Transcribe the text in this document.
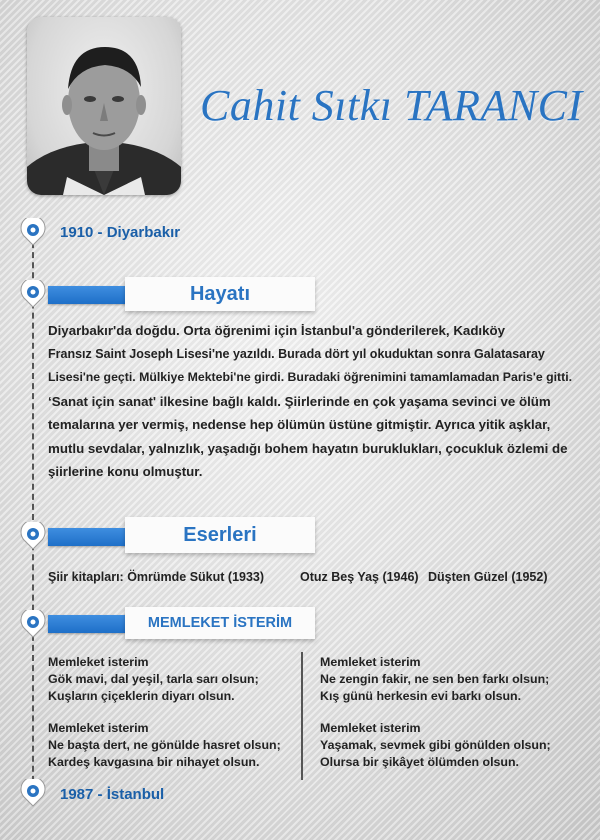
Cahit Sıtkı TARANCI
1910 - Diyarbakır
1987 - İstanbul
Hayatı
Diyarbakır'da doğdu. Orta öğrenimi için İstanbul'a gönderilerek, Kadıköy
Fransız Saint Joseph Lisesi'ne yazıldı. Burada dört yıl okuduktan sonra Galatasaray
Lisesi'ne geçti. Mülkiye Mektebi'ne girdi. Buradaki öğrenimini tamamlamadan Paris'e gitti.
‘Sanat için sanat' ilkesine bağlı kaldı. Şiirlerinde en çok yaşama sevinci ve ölüm
temalarına yer vermiş, nedense hep ölümün üstüne gitmiştir. Ayrıca yitik aşklar,
mutlu sevdalar, yalnızlık, yaşadığı bohem hayatın buruklukları, çocukluk özlemi de
şiirlerine konu olmuştur.
Eserleri
Şiir kitapları: Ömrümde Sükut (1933)	Otuz Beş Yaş (1946) Düşten Güzel (1952)
MEMLEKET İSTERİM
Memleket isterim
Gök mavi, dal yeşil, tarla sarı olsun;
Kuşların çiçeklerin diyarı olsun.
Memleket isterim
Ne başta dert, ne gönülde hasret olsun;
Kardeş kavgasına bir nihayet olsun.
Memleket isterim
Ne zengin fakir, ne sen ben farkı olsun;
Kış günü herkesin evi barkı olsun.
Memleket isterim
Yaşamak, sevmek gibi gönülden olsun;
Olursa bir şikâyet ölümden olsun.
